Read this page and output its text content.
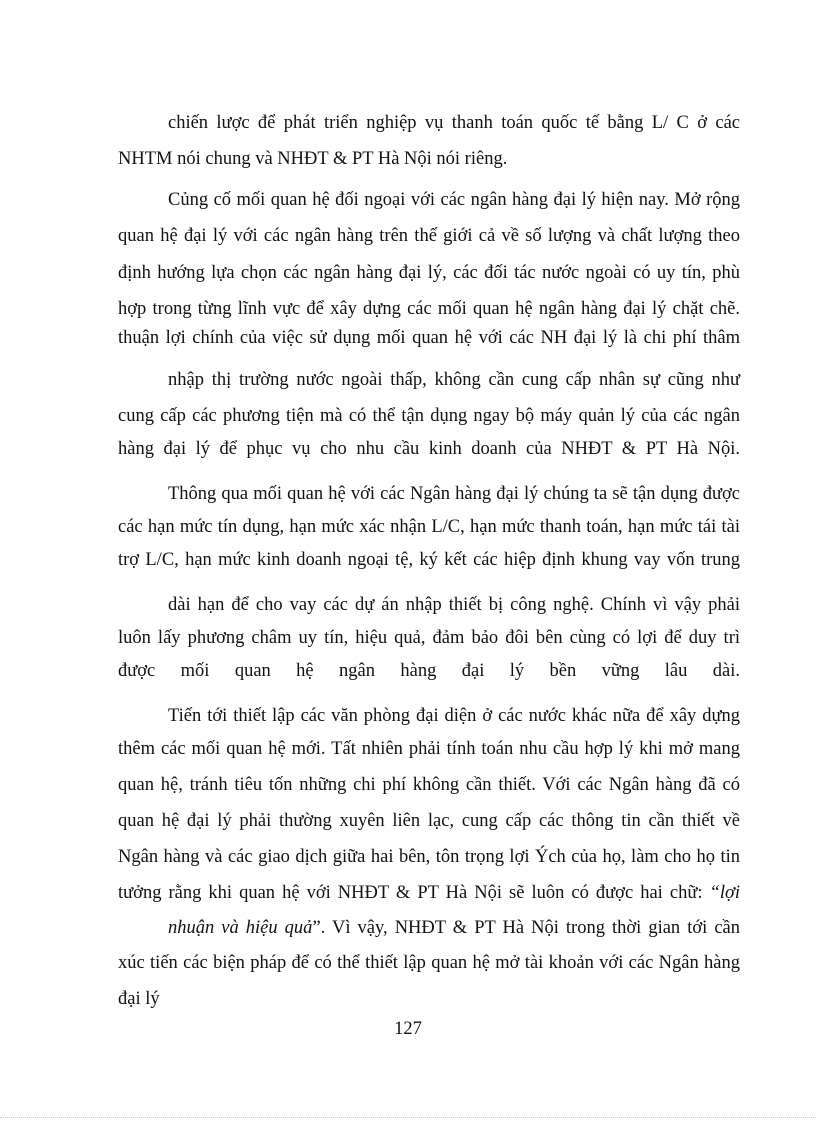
chiến lược để phát triển nghiệp vụ thanh toán quốc tế bằng L/ C ở các
NHTM nói chung và NHĐT & PT Hà Nội nói riêng.
Củng cố mối quan hệ đối ngoại với các ngân hàng đại lý hiện nay. Mở rộng
quan hệ đại lý với các ngân hàng trên thế giới cả về số lượng và chất lượng theo
định hướng lựa chọn các ngân hàng đại lý, các đối tác nước ngoài có uy tín, phù
hợp trong từng lĩnh vực để xây dựng các mối quan hệ ngân hàng đại lý chặt chẽ.
thuận lợi chính của việc sử dụng mối quan hệ với các NH đại lý là chi phí thâm
nhập thị trường nước ngoài thấp, không cần cung cấp nhân sự cũng như
cung cấp các phương tiện mà có thể tận dụng ngay bộ máy quản lý của các ngân
hàng đại lý để phục vụ cho nhu cầu kinh doanh của NHĐT & PT Hà Nội.
Thông qua mối quan hệ với các Ngân hàng đại lý chúng ta sẽ tận dụng được
các hạn mức tín dụng, hạn mức xác nhận L/C, hạn mức thanh toán, hạn mức tái tài
trợ L/C, hạn mức kinh doanh ngoại tệ, ký kết các hiệp định khung vay vốn trung
dài hạn để cho vay các dự án nhập thiết bị công nghệ. Chính vì vậy phải
luôn lấy phương châm uy tín, hiệu quả, đảm bảo đôi bên cùng có lợi để duy trì
được mối quan hệ ngân hàng đại lý bền vững lâu dài.
Tiến tới thiết lập các văn phòng đại diện ở các nước khác nữa để xây dựng
thêm các mối quan hệ mới. Tất nhiên phải tính toán nhu cầu hợp lý khi mở mang
quan hệ, tránh tiêu tốn những chi phí không cần thiết. Với các Ngân hàng đã có
quan hệ đại lý phải thường xuyên liên lạc, cung cấp các thông tin cần thiết về
Ngân hàng và các giao dịch giữa hai bên, tôn trọng lợi Ých của họ, làm cho họ tin
tưởng rằng khi quan hệ với NHĐT & PT Hà Nội sẽ luôn có được hai chữ: “lợi
nhuận và hiệu quả”. Vì vậy, NHĐT & PT Hà Nội trong thời gian tới cần
xúc tiến các biện pháp để có thể thiết lập quan hệ mở tài khoản với các Ngân hàng
đại lý
127
